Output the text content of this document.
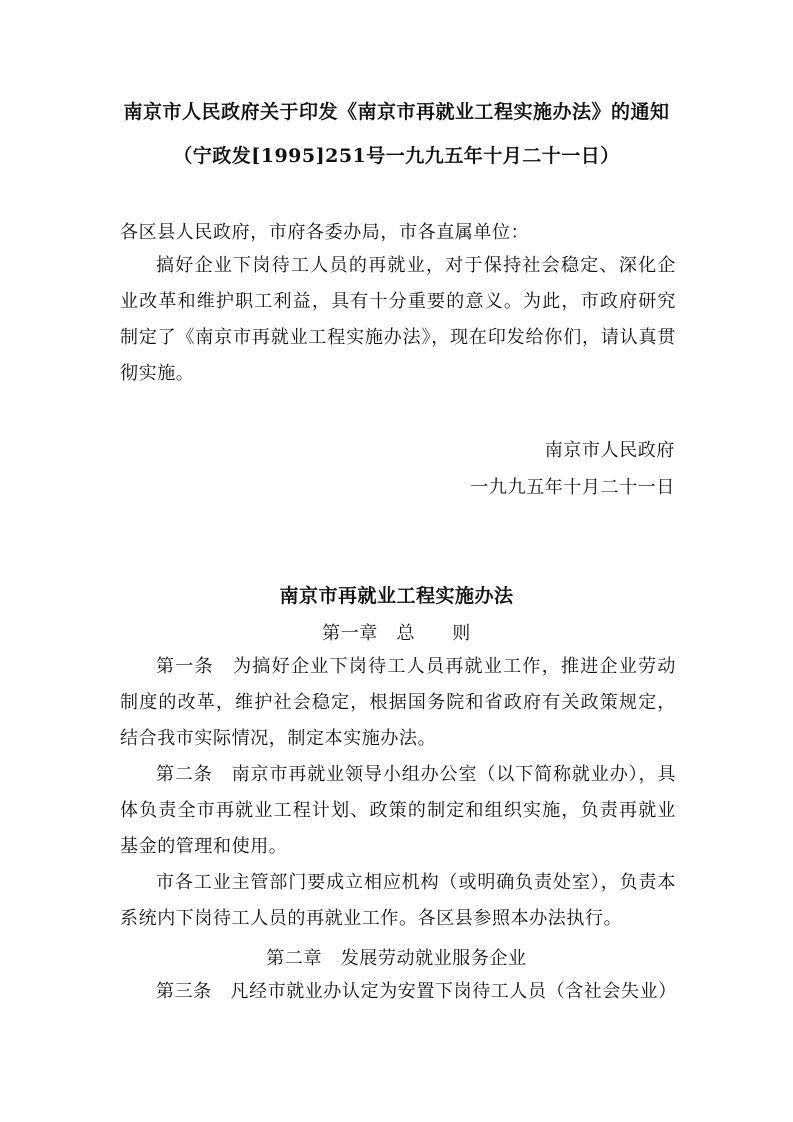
南京市人民政府关于印发《南京市再就业工程实施办法》的通知
（宁政发[1995]251号一九九五年十月二十一日）
各区县人民政府，市府各委办局，市各直属单位：
搞好企业下岗待工人员的再就业，对于保持社会稳定、深化企业改革和维护职工利益，具有十分重要的意义。为此，市政府研究制定了《南京市再就业工程实施办法》，现在印发给你们，请认真贯彻实施。
南京市人民政府
一九九五年十月二十一日
南京市再就业工程实施办法
第一章　总　　则
第一条　为搞好企业下岗待工人员再就业工作，推进企业劳动制度的改革，维护社会稳定，根据国务院和省政府有关政策规定，结合我市实际情况，制定本实施办法。
第二条　南京市再就业领导小组办公室（以下简称就业办），具体负责全市再就业工程计划、政策的制定和组织实施，负责再就业基金的管理和使用。
市各工业主管部门要成立相应机构（或明确负责处室），负责本系统内下岗待工人员的再就业工作。各区县参照本办法执行。
第二章　发展劳动就业服务企业
第三条　凡经市就业办认定为安置下岗待工人员（含社会失业）
